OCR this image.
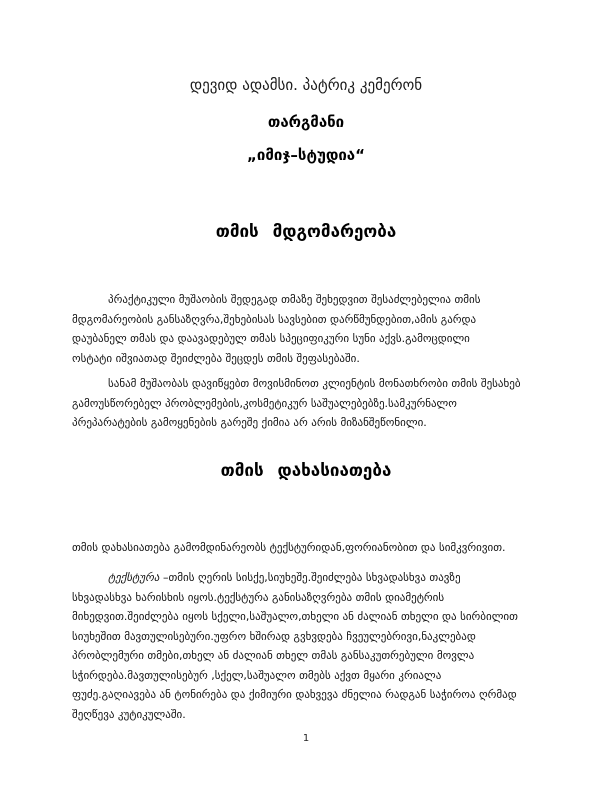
დევიდ ადამსი. პატრიკ კემერონ
თარგმანი
„იმიჯ–სტუდია“
თმის მდგომარეობა
პრაქტიკული მუშაობის შედეგად თმაზე შეხედვით შესაძლებელია თმის
მდგომარეობის განსაზღვრა,შეხებისას სავსებით დარწმუნდებით,ამის გარდა
დაუბანელ თმას და დაავადებულ თმას სპეციფიკური სუნი აქვს.გამოცდილი
ოსტატი იშვიათად შეიძლება შეცდეს თმის შეფასებაში.
სანამ მუშაობას დავიწყებთ მოვისმინოთ კლიენტის მონათხრობი თმის შესახებ
გამოუსწორებელ პრობლემების,კოსმეტიკურ საშუალებებზე.სამკურნალო
პრეპარატების გამოყენების გარეშე ქიმია არ არის მიზანშეწონილი.
თმის დახასიათება
თმის დახასიათება გამომდინარეობს ტექსტურიდან,ფორიანობით და სიმკვრივით.
ტექსტურა –თმის ღერის სისქე,სიუხეშე.შეიძლება სხვადასხვა თავზე
სხვადასხვა ხარისხის იყოს.ტექსტურა განისაზღვრება თმის დიამეტრის
მიხედვით.შეიძლება იყოს სქელი,საშუალო,თხელი ან ძალიან თხელი და სირბილით
სიუხეშით მავთულისებური.უფრო ხშირად გვხვდება ჩვეულებრივი,ნაკლებად
პრობლემური თმები,თხელ ან ძალიან თხელ თმას განსაკუთრებული მოვლა
სჭირდება.მავთულისებურ ,სქელ,საშუალო თმებს აქვთ მყარი კრიალა
ფუძე.გაღიავება ან ტონირება და ქიმიური დახვევა ძნელია რადგან საჭიროა ღრმად
შეღწევა კუტიკულაში.
1
